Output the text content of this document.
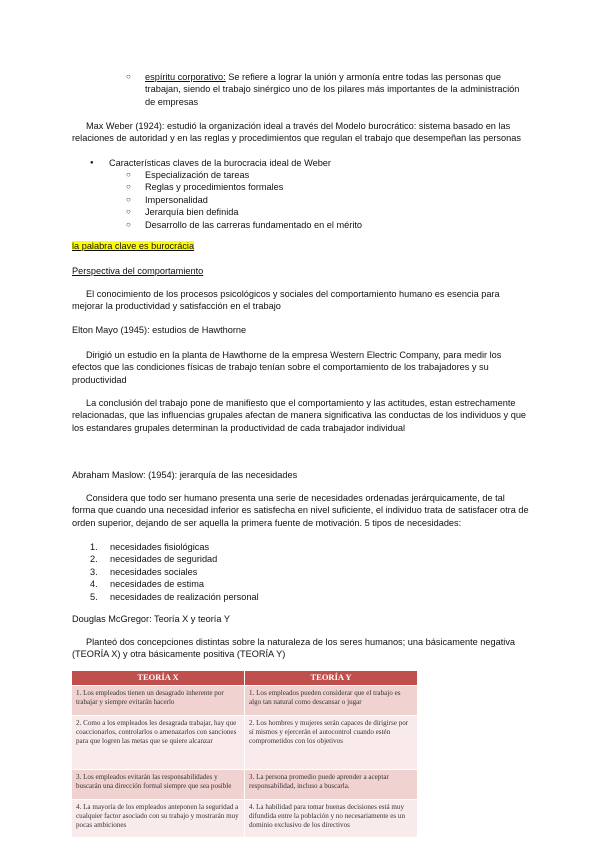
○ espíritu corporativo: Se refiere a lograr la unión y armonía entre todas las personas que trabajan, siendo el trabajo sinérgico uno de los pilares más importantes de la administración de empresas

Max Weber (1924): estudió la organización ideal a través del Modelo burocrático: sistema basado en las relaciones de autoridad y en las reglas y procedimientos que regulan el trabajo que desempeñan las personas

● Características claves de la burocracia ideal de Weber
○ Especialización de tareas
○ Reglas y procedimientos formales
○ Impersonalidad
○ Jerarquía bien definida
○ Desarrollo de las carreras fundamentado en el mérito

la palabra clave es burocrácia

Perspectiva del comportamiento

El conocimiento de los procesos psicológicos y sociales del comportamiento humano es esencia para mejorar la productividad y satisfacción en el trabajo

Elton Mayo (1945): estudios de Hawthorne

Dirigió un estudio en la planta de Hawthorne de la empresa Western Electric Company, para medir los efectos que las condiciones físicas de trabajo tenían sobre el comportamiento de los trabajadores y su productividad

La conclusión del trabajo pone de manifiesto que el comportamiento y las actitudes, estan estrechamente relacionadas, que las influencias grupales afectan de manera significativa las conductas de los individuos y que los estandares grupales determinan la productividad de cada trabajador individual

Abraham Maslow: (1954): jerarquía de las necesidades

Considera que todo ser humano presenta una serie de necesidades ordenadas jerárquicamente, de tal forma que cuando una necesidad inferior es satisfecha en nivel suficiente, el individuo trata de satisfacer otra de orden superior, dejando de ser aquella la primera fuente de motivación. 5 tipos de necesidades:

1. necesidades fisiológicas
2. necesidades de seguridad
3. necesidades sociales
4. necesidades de estima
5. necesidades de realización personal

Douglas McGregor: Teoría X y teoría Y

Planteó dos concepciones distintas sobre la naturaleza de los seres humanos; una básicamente negativa (TEORÍA X) y otra básicamente positiva (TEORÍA Y)

TEORÍA X	TEORÍA Y
1. Los empleados tienen un desagrado inherente por trabajar y siempre evitarán hacerlo	1. Los empleados pueden considerar que el trabajo es algo tan natural como descansar o jugar
2. Como a los empleados les desagrada trabajar, hay que coaccionarlos, controlarlos o amenazarlos con sanciones para que logren las metas que se quiere alcanzar	2. Los hombres y mujeres serán capaces de dirigirse por sí mismos y ejercerán el autocontrol cuando estén comprometidos con los objetivos
3. Los empleados evitarán las responsabilidades y buscarán una dirección formal siempre que sea posible	3. La persona promedio puede aprender a aceptar responsabilidad, incluso a buscarla.
4. La mayoría de los empleados anteponen la seguridad a cualquier factor asociado con su trabajo y mostrarán muy pocas ambiciones	4. La habilidad para tomar buenas decisiones está muy difundida entre la población y no necesariamente es un dominio exclusivo de los directivos
